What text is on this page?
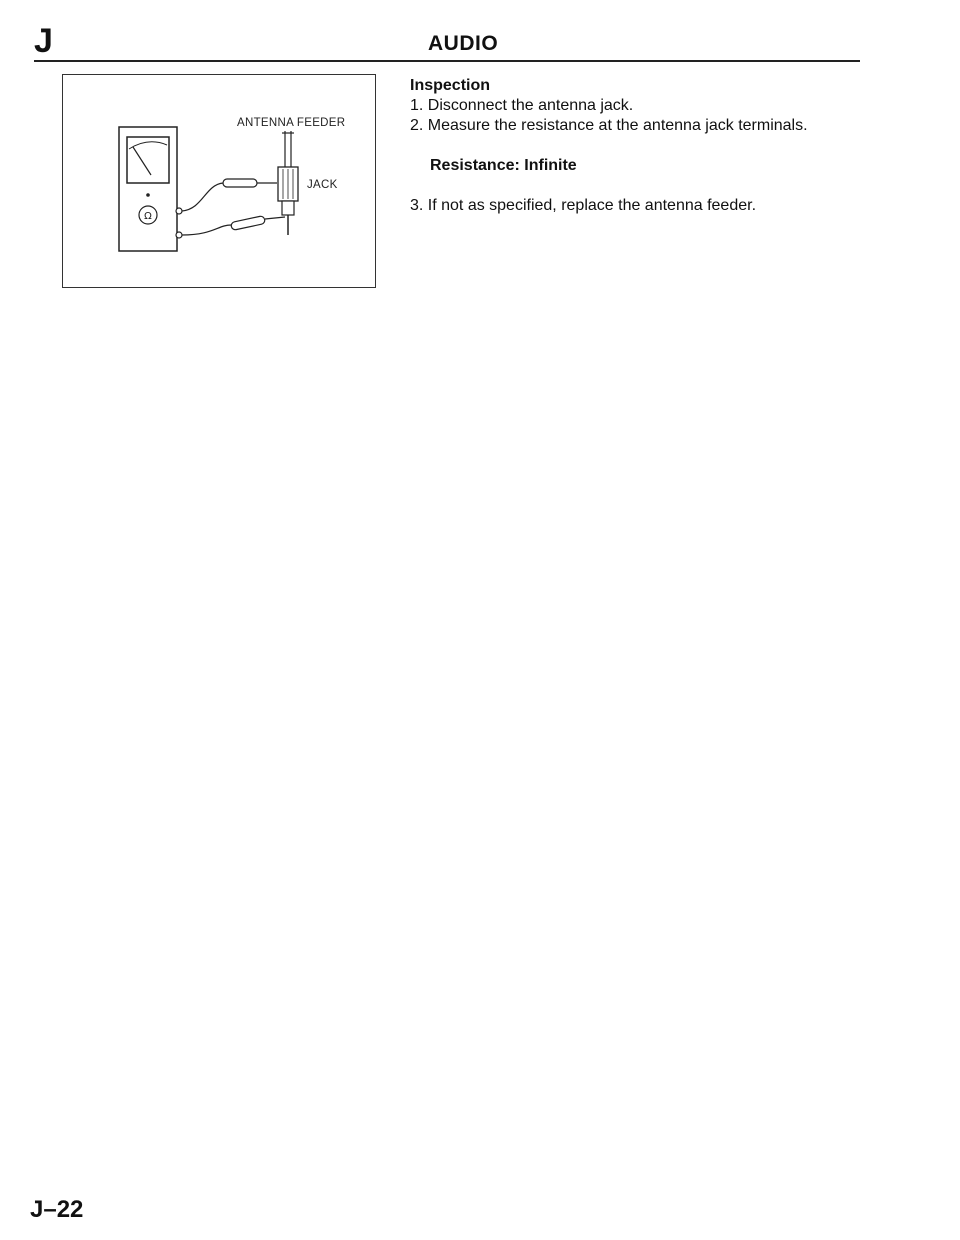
J	AUDIO
Ω
ANTENNA FEEDER
JACK
Inspection

1. Disconnect the antenna jack.

2. Measure the resistance at the antenna jack terminals.

Resistance: Infinite

3. If not as specified, replace the antenna feeder.

J–22
